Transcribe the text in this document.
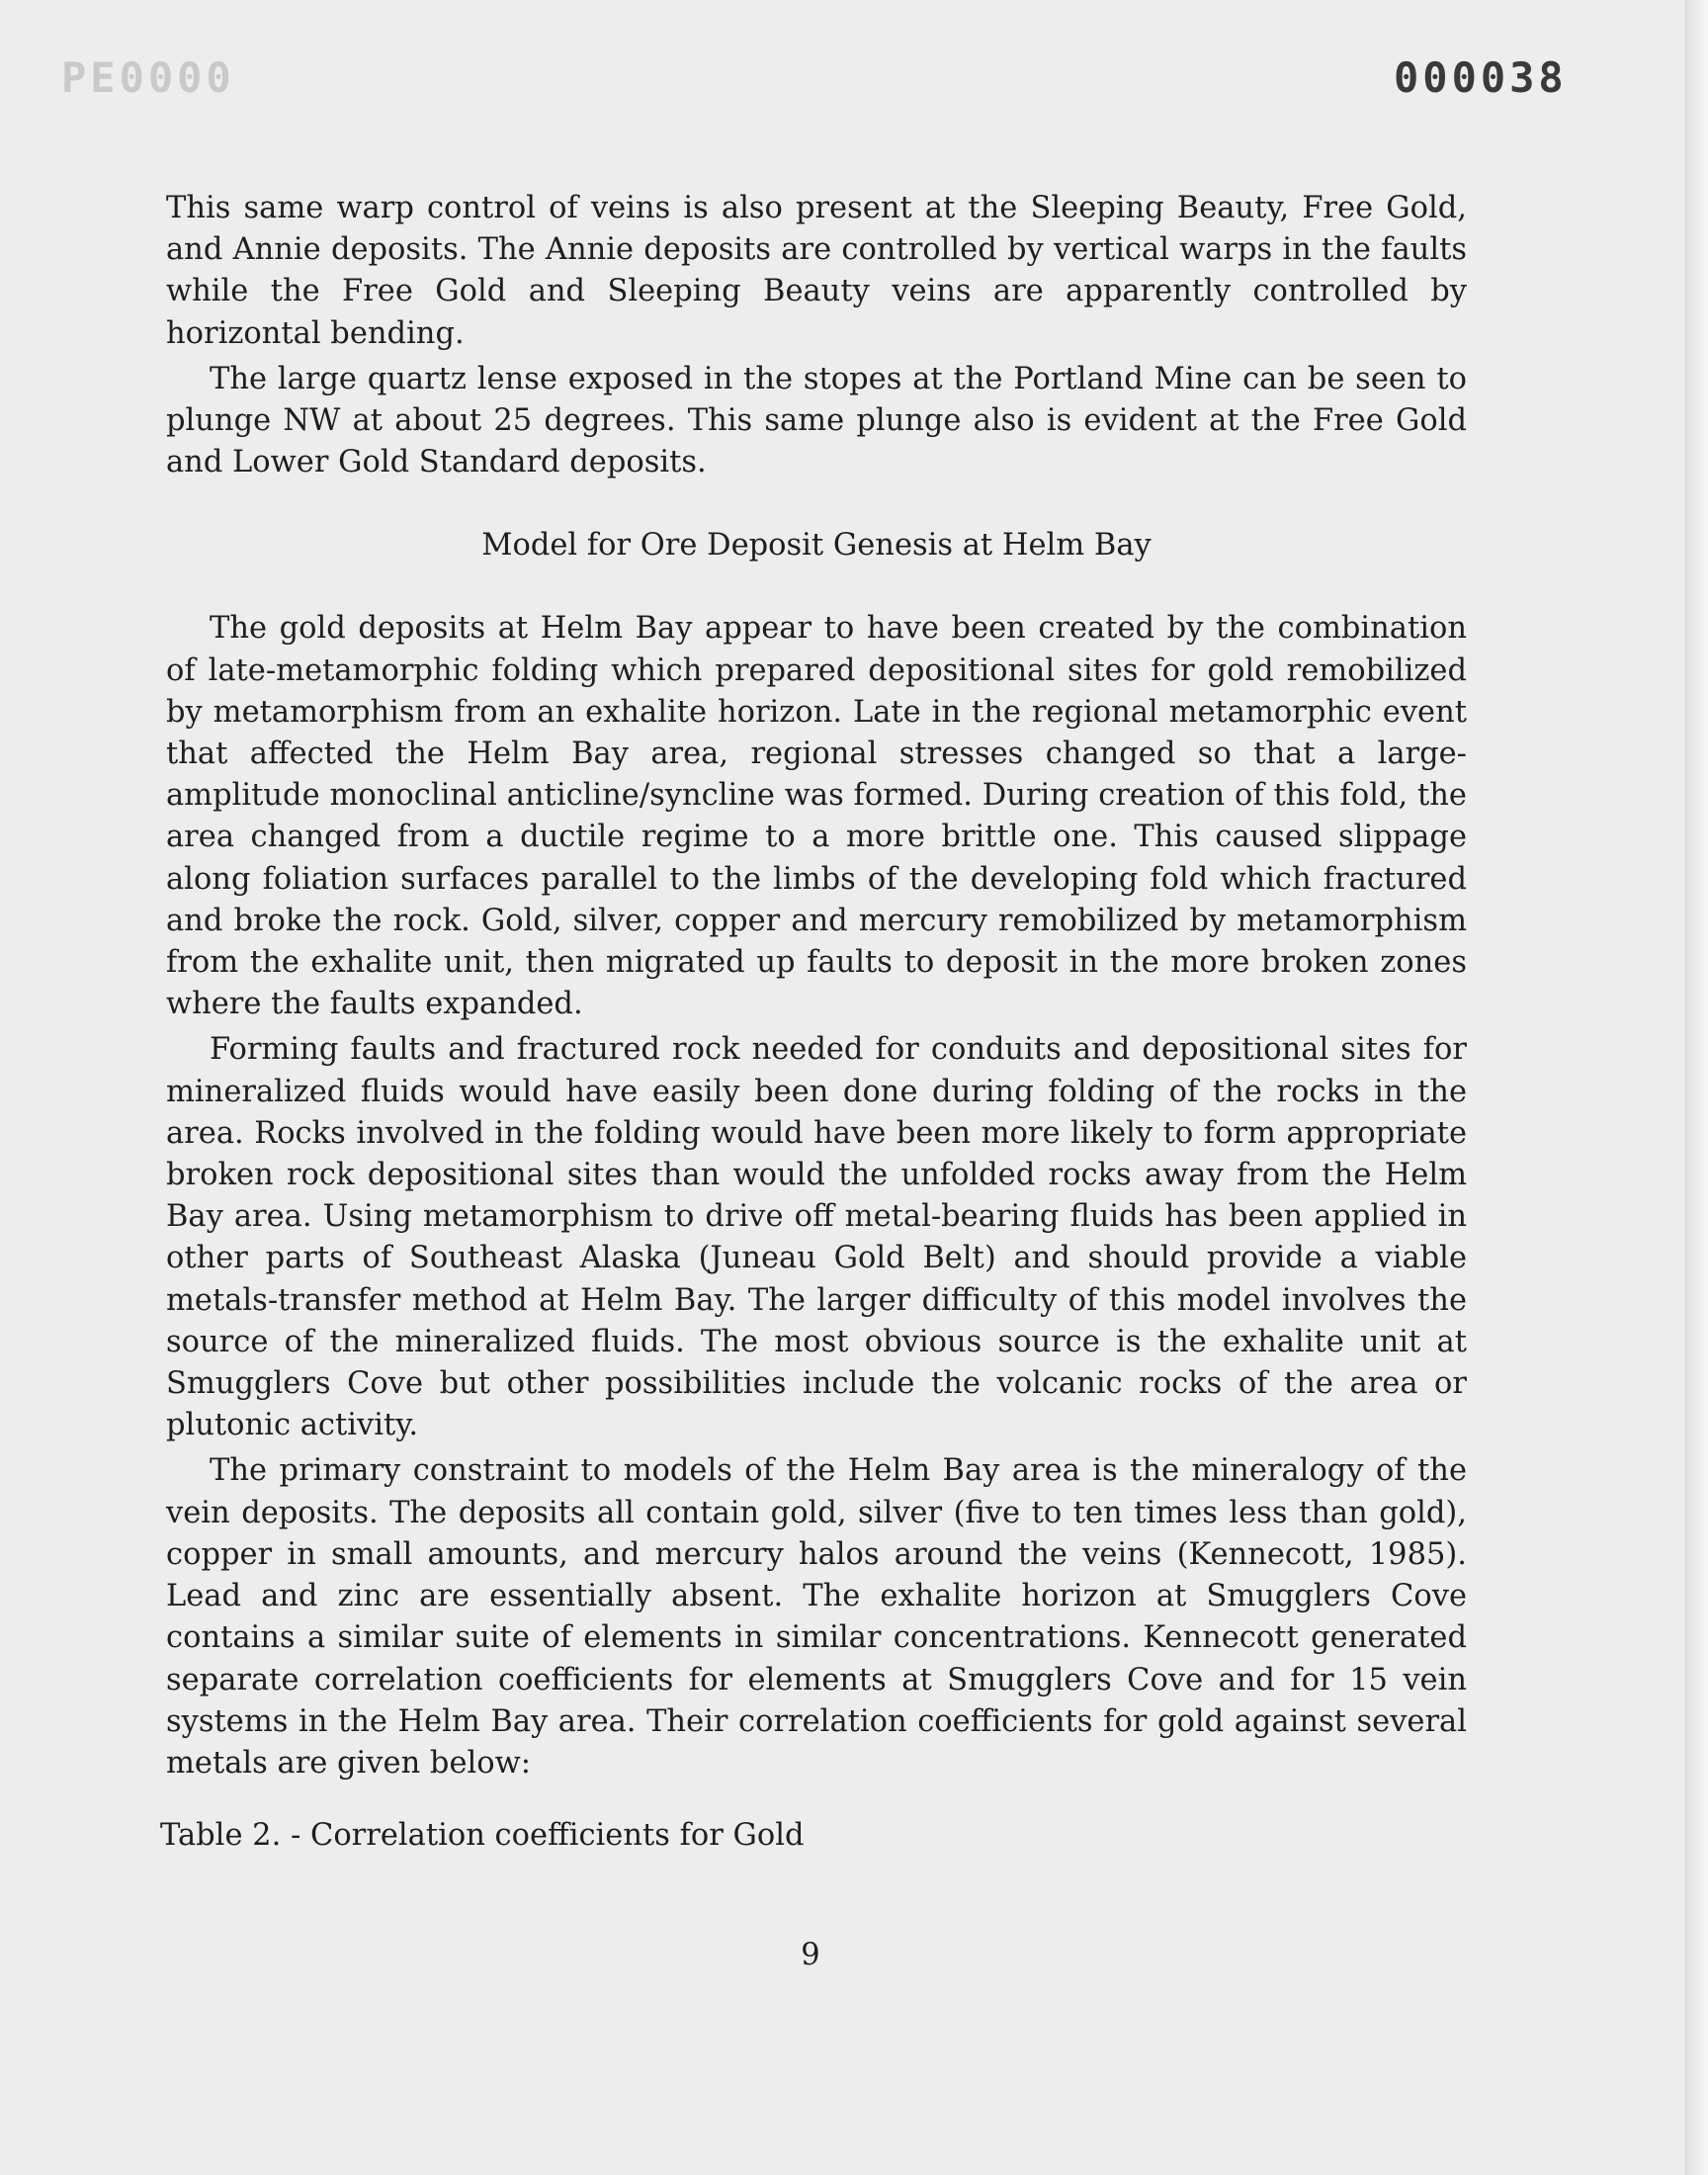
PE0000	000038

This same warp control of veins is also present at the Sleeping Beauty, Free Gold, and Annie deposits. The Annie deposits are controlled by vertical warps in the faults while the Free Gold and Sleeping Beauty veins are apparently controlled by horizontal bending.

The large quartz lense exposed in the stopes at the Portland Mine can be seen to plunge NW at about 25 degrees. This same plunge also is evident at the Free Gold and Lower Gold Standard deposits.

Model for Ore Deposit Genesis at Helm Bay

The gold deposits at Helm Bay appear to have been created by the combination of late-metamorphic folding which prepared depositional sites for gold remobilized by metamorphism from an exhalite horizon. Late in the regional metamorphic event that affected the Helm Bay area, regional stresses changed so that a large-amplitude monoclinal anticline/syncline was formed. During creation of this fold, the area changed from a ductile regime to a more brittle one. This caused slippage along foliation surfaces parallel to the limbs of the developing fold which fractured and broke the rock. Gold, silver, copper and mercury remobilized by metamorphism from the exhalite unit, then migrated up faults to deposit in the more broken zones where the faults expanded.

Forming faults and fractured rock needed for conduits and depositional sites for mineralized fluids would have easily been done during folding of the rocks in the area. Rocks involved in the folding would have been more likely to form appropriate broken rock depositional sites than would the unfolded rocks away from the Helm Bay area. Using metamorphism to drive off metal-bearing fluids has been applied in other parts of Southeast Alaska (Juneau Gold Belt) and should provide a viable metals-transfer method at Helm Bay. The larger difficulty of this model involves the source of the mineralized fluids. The most obvious source is the exhalite unit at Smugglers Cove but other possibilities include the volcanic rocks of the area or plutonic activity.

The primary constraint to models of the Helm Bay area is the mineralogy of the vein deposits. The deposits all contain gold, silver (five to ten times less than gold), copper in small amounts, and mercury halos around the veins (Kennecott, 1985). Lead and zinc are essentially absent. The exhalite horizon at Smugglers Cove contains a similar suite of elements in similar concentrations. Kennecott generated separate correlation coefficients for elements at Smugglers Cove and for 15 vein systems in the Helm Bay area. Their correlation coefficients for gold against several metals are given below:

Table 2. - Correlation coefficients for Gold
9
